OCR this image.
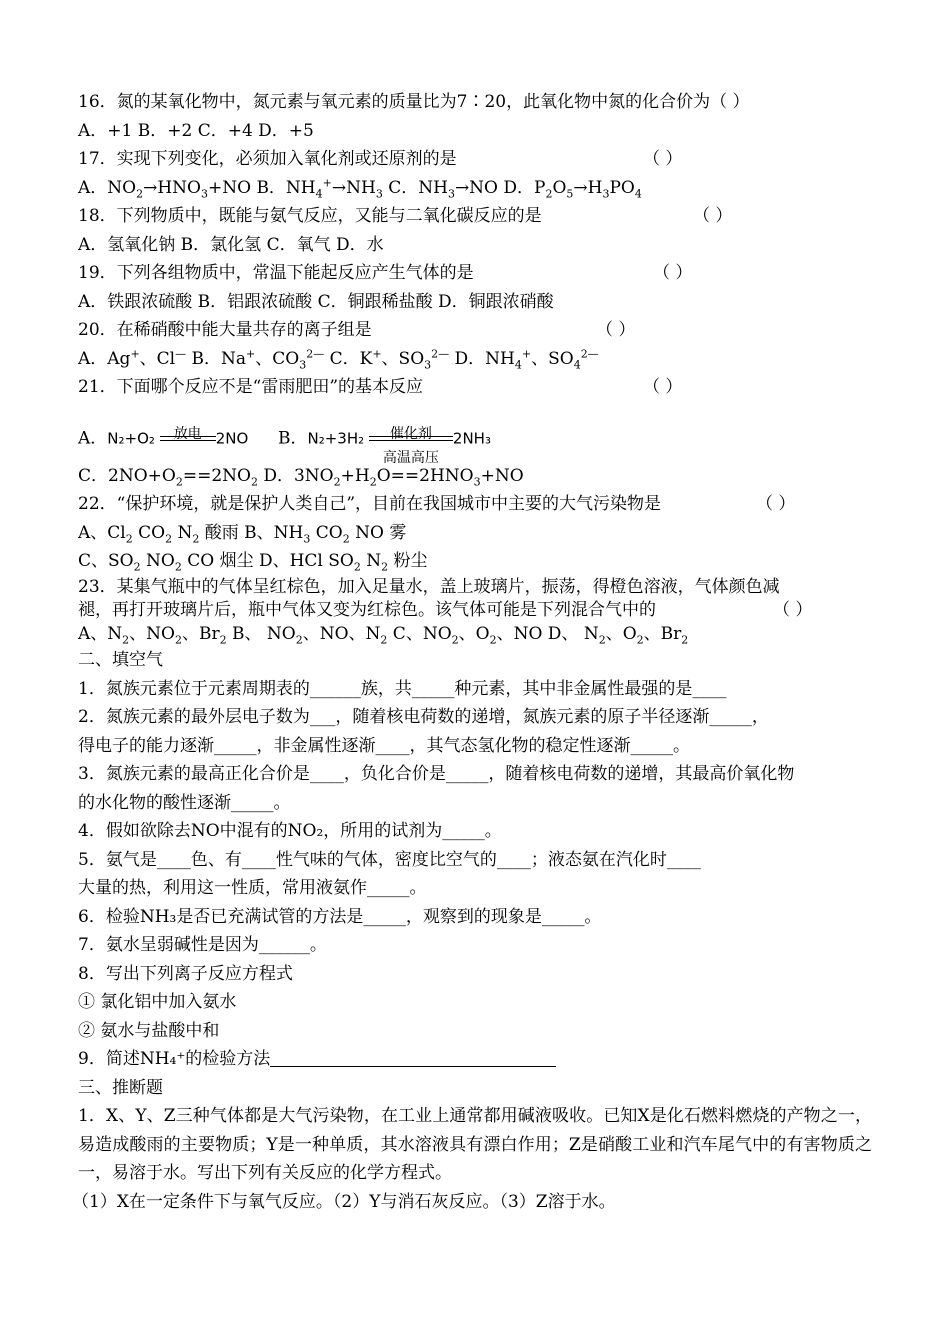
16．氮的某氧化物中，氮元素与氧元素的质量比为7∶20，此氧化物中氮的化合价为（ ）
A．+1 B．+2 C．+4 D．+5
17．实现下列变化，必须加入氧化剂或还原剂的是	（ ）
A．$NO_2\to HNO_3+NO$ B．$NH_4^+\to NH_3$ C．$NH_3\to NO$ D．$P_2O_5\to H_3PO_4$
18．下列物质中，既能与氨气反应，又能与二氧化碳反应的是	（ ）
A．氢氧化钠 B．氯化氢 C．氧气 D．水
19．下列各组物质中，常温下能起反应产生气体的是	（ ）
A．铁跟浓硫酸 B．铝跟浓硫酸 C．铜跟稀盐酸 D．铜跟浓硝酸
20．在稀硝酸中能大量共存的离子组是	（ ）
A．Ag+、Cl— B．Na+、$CO_3^{2—}$ C．K+、$SO_3^{2—}$ D．$NH_4^+$、$SO_4^{2—}$
21．下面哪个反应不是“雷雨肥田”的基本反应	（ ）
A．N₂+O₂	放电 2NO B．N₂+3H₂	催化剂
高温高压
2NH₃
C．$2NO+O_2==2NO_2$ D．$3NO_2+H_2O==2HNO_3+NO$
22．“保护环境，就是保护人类自己”，目前在我国城市中主要的大气污染物是	（ ）
A、$Cl_2$ $CO_2$ $N_2$ 酸雨 B、$NH_3$ $CO_2$ NO 雾
C、$SO_2$ $NO_2$ CO 烟尘 D、HCl $SO_2$ $N_2$ 粉尘
23．某集气瓶中的气体呈红棕色，加入足量水，盖上玻璃片，振荡，得橙色溶液，气体颜色减
褪，再打开玻璃片后，瓶中气体又变为红棕色。该气体可能是下列混合气中的	（ ）
A、$N_2$、$NO_2$、$Br_2$ B、 $NO_2$、NO、$N_2$ C、$NO_2$、$O_2$、NO D、 $N_2$、$O_2$、$Br_2$
二、填空气
1．氮族元素位于元素周期表的______族，共_____种元素，其中非金属性最强的是____
2．氮族元素的最外层电子数为___，随着核电荷数的递增，氮族元素的原子半径逐渐_____，
得电子的能力逐渐_____，非金属性逐渐____，其气态氢化物的稳定性逐渐_____。
3．氮族元素的最高正化合价是____，负化合价是_____，随着核电荷数的递增，其最高价氧化物
的水化物的酸性逐渐_____。
4．假如欲除去NO中混有的NO₂，所用的试剂为_____。
5．氨气是____色、有____性气味的气体，密度比空气的____；液态氨在汽化时____
大量的热，利用这一性质，常用液氨作_____。
6．检验NH₃是否已充满试管的方法是_____，观察到的现象是_____。
7．氨水呈弱碱性是因为______。
8．写出下列离子反应方程式
① 氯化铝中加入氨水
② 氨水与盐酸中和
9．简述NH₄⁺的检验方法
三、推断题
1．X、Y、Z三种气体都是大气污染物，在工业上通常都用碱液吸收。已知X是化石燃料燃烧的产物之一，易造成酸雨的主要物质；Y是一种单质，其水溶液具有漂白作用；Z是硝酸工业和汽车尾气中的有害物质之一，易溶于水。写出下列有关反应的化学方程式。
（1）X在一定条件下与氧气反应。（2）Y与消石灰反应。（3）Z溶于水。
